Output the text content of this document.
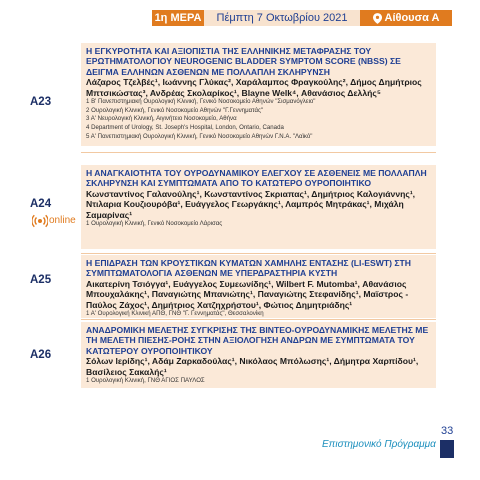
1η ΜΕΡΑ	Πέμπτη 7 Οκτωβρίου 2021	Αίθουσα Α
A23
Η ΕΓΚΥΡΟΤΗΤΑ ΚΑΙ ΑΞΙΟΠΙΣΤΙΑ ΤΗΣ ΕΛΛΗΝΙΚΗΣ ΜΕΤΑΦΡΑΣΗΣ ΤΟΥ ΕΡΩΤΗΜΑΤΟΛΟΓΙΟΥ NEUROGENIC BLADDER SYMPTOM SCORE (NBSS) ΣΕ ΔΕΙΓΜΑ ΕΛΛΗΝΩΝ ΑΣΘΕΝΩΝ ΜΕ ΠΟΛΛΑΠΛΗ ΣΚΛΗΡΥΝΣΗ
Λάζαρος Τζελβές¹, Ιωάννης Γλύκας², Χαράλαμπος Φραγκούλης², Δήμος Δημήτριος Μπτσικώστας³, Ανδρέας Σκολαρίκος¹, Blayne Welk⁴, Αθανάσιος Δελλής⁵
1 Β' Πανεπιστημιακή Ουρολογική Κλινική, Γενικό Νοσοκομείο Αθηνών "Σισμανόγλειο"
2 Ουρολογική Κλινική, Γενικό Νοσοκομείο Αθηνών "Γ.Γεννηματάς"
3 Α' Νευρολογική Κλινική, Αιγινήτειο Νοσοκομείο, Αθήνα
4 Department of Urology, St. Joseph's Hospital, London, Ontario, Canada
5 Α' Πανεπιστημιακή Ουρολογική Κλινική, Γενικό Νοσοκομείο Αθηνών Γ.Ν.Α. "Λαϊκό"
A24
online
Η ΑΝΑΓΚΑΙΟΤΗΤΑ ΤΟΥ ΟΥΡΟΔΥΝΑΜΙΚΟΥ ΕΛΕΓΧΟΥ ΣΕ ΑΣΘΕΝΕΙΣ ΜΕ ΠΟΛΛΑΠΛΗ ΣΚΛΗΡΥΝΣΗ ΚΑΙ ΣΥΜΠΤΩΜΑΤΑ ΑΠΟ ΤΟ ΚΑΤΩΤΕΡΟ ΟΥΡΟΠΟΙΗΤΙΚΟ
Κωνσταντίνος Γαλανούλης¹, Κωνσταντίνος Σκριαπας¹, Δημήτριος Καλογιάννης¹, Ντιλαρια Κουζιουρόβα¹, Ευάγγελος Γεωργάκης¹, Λαμπρός Μητράκας¹, Μιχάλη Σαμαρίνας¹
1 Ουρολογική Κλινική, Γενικό Νοσοκομείο Λάρισας
A25
Η ΕΠΙΔΡΑΣΗ ΤΩΝ ΚΡΟΥΣΤΙΚΩΝ ΚΥΜΑΤΩΝ ΧΑΜΗΛΗΣ ΕΝΤΑΣΗΣ (LI-ESWT) ΣΤΗ ΣΥΜΠΤΩΜΑΤΟΛΟΓΙΑ ΑΣΘΕΝΩΝ ΜΕ ΥΠΕΡΔΡΑΣΤΗΡΙΑ ΚΥΣΤΗ
Αικατερίνη Τσιόγγα¹, Ευάγγελος Συμεωνίδης¹, Wilbert F. Mutomba¹, Αθανάσιος Μπουχαλάκης¹, Παναγιώτης Μπανιώτης¹, Παναγιώτης Στεφανίδης¹, Μαϊστρος - Παύλος Ζάχος¹, Δημήτριος Χατζηχρήστου¹, Φώτιος Δημητριάδης¹
1 Α' Ουρολογική Κλινική ΑΠΘ, ΓΝΘ "Γ. Γεννηματάς", Θεσσαλονίκη
A26
ΑΝΑΔΡΟΜΙΚΗ ΜΕΛΕΤΗΣ ΣΥΓΚΡΙΣΗΣ ΤΗΣ ΒΙΝΤΕΟ-ΟΥΡΟΔΥΝΑΜΙΚΗΣ ΜΕΛΕΤΗΣ ΜΕ ΤΗ ΜΕΛΕΤΗ ΠΙΕΣΗΣ-ΡΟΗΣ ΣΤΗΝ ΑΞΙΟΛΟΓΗΣΗ ΑΝΔΡΩΝ ΜΕ ΣΥΜΠΤΩΜΑΤΑ ΤΟΥ ΚΑΤΩΤΕΡΟΥ ΟΥΡΟΠΟΙΗΤΙΚΟΥ
Σόλων Ιερίδης¹, Αδάμ Ζαρκαδούλας¹, Νικόλαος Μπόλωσης¹, Δήμητρα Χαρπίδου¹, Βασίλειος Σακαλής¹
1 Ουρολογική Κλινική, ΓΝΘ ΑΓΙΟΣ ΠΑΥΛΟΣ
33
Επιστημονικό Πρόγραμμα
